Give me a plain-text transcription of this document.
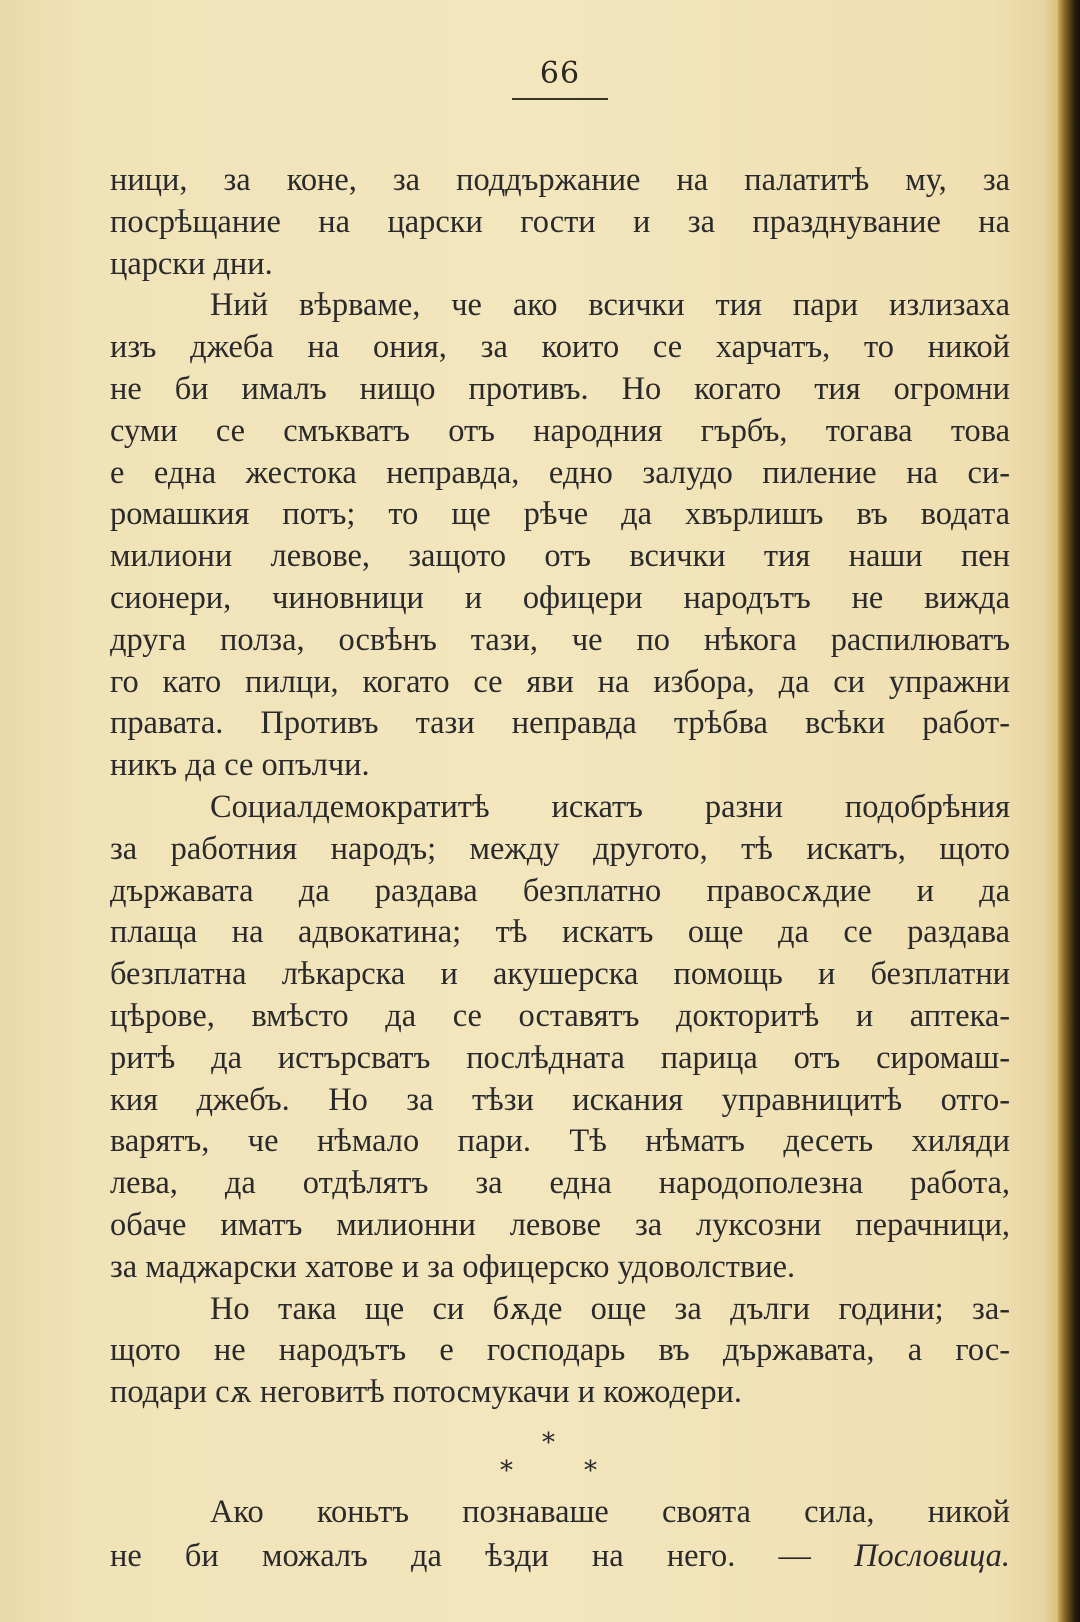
66
ници, за коне, за поддържание на палатитѣ му, за
посрѣщание на царски гости и за празднувание на
царски дни.
Ний вѣрваме, че ако всички тия пари излизаха
изъ джеба на ония, за които се харчатъ, то никой
не би ималъ нищо противъ. Но когато тия огромни
суми се смъкватъ отъ народния гърбъ, тогава това
е една жестока неправда, едно залудо пиление на си-
ромашкия потъ; то ще рѣче да хвърлишъ въ водата
милиони левове, защото отъ всички тия наши пен
сионери, чиновници и офицери народътъ не вижда
друга полза, освѣнъ тази, че по нѣкога распилюватъ
го като пилци, когато се яви на избора, да си упражни
правата. Противъ тази неправда трѣбва всѣки работ-
никъ да се опълчи.
Социалдемократитѣ искатъ разни подобрѣния
за работния народъ; между другото, тѣ искатъ, щото
държавата да раздава безплатно правосѫдие и да
плаща на адвокатина; тѣ искатъ още да се раздава
безплатна лѣкарска и акушерска помощь и безплатни
цѣрове, вмѣсто да се оставятъ докторитѣ и аптека-
ритѣ да истърсватъ послѣдната парица отъ сиромаш-
кия джебъ. Но за тѣзи искания управницитѣ отго-
варятъ, че нѣмало пари. Тѣ нѣматъ десеть хиляди
лева, да отдѣлятъ за една народополезна работа,
обаче иматъ милионни левове за луксозни перачници,
за маджарски хатове и за офицерско удоволствие.
Но така ще си бѫде още за дълги години; за-
щото не народътъ е господарь въ държавата, а гос-
подари сѫ неговитѣ потосмукачи и кожодери.
*
*	*
Ако коньтъ познаваше своята сила, никой
не би можалъ да ѣзди на него. — Пословица.
